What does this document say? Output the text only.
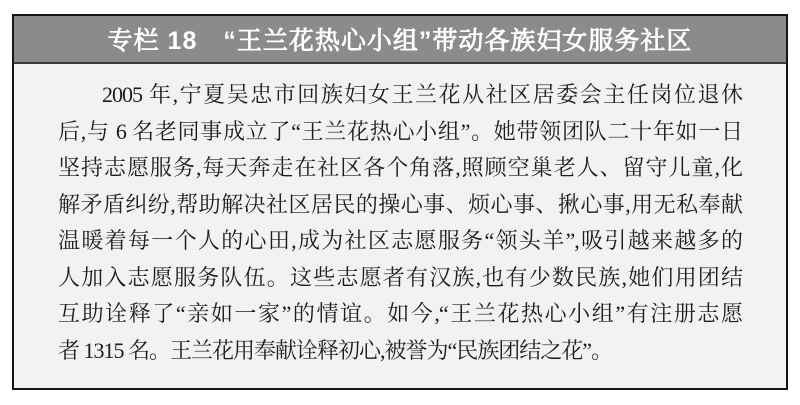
专栏 18　“王兰花热心小组”带动各族妇女服务社区
2005 年,宁夏吴忠市回族妇女王兰花从社区居委会主任岗位退休
后,与 6 名老同事成立了“王兰花热心小组”。她带领团队二十年如一日
坚持志愿服务,每天奔走在社区各个角落,照顾空巢老人、留守儿童,化
解矛盾纠纷,帮助解决社区居民的操心事、烦心事、揪心事,用无私奉献
温暖着每一个人的心田,成为社区志愿服务“领头羊”,吸引越来越多的
人加入志愿服务队伍。这些志愿者有汉族,也有少数民族,她们用团结
互助诠释了“亲如一家”的情谊。如今,“王兰花热心小组”有注册志愿
者 1315 名。王兰花用奉献诠释初心,被誉为“民族团结之花”。
